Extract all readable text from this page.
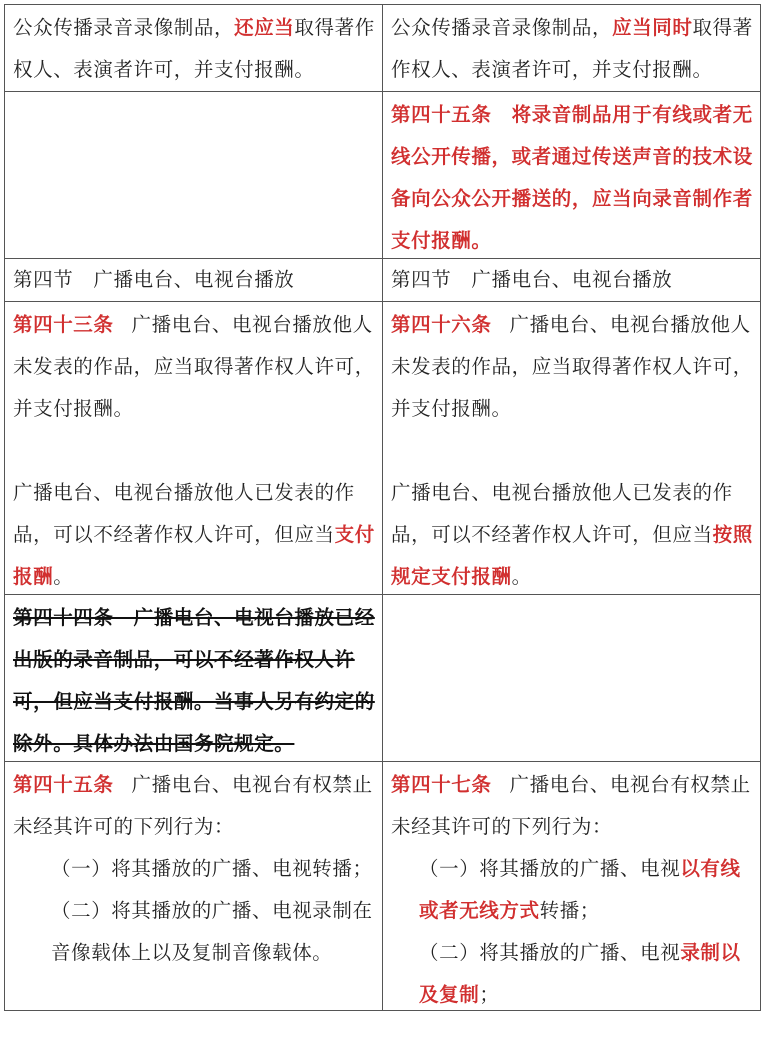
公众传播录音录像制品，还应当取得著作权人、表演者许可，并支付报酬。

公众传播录音录像制品，应当同时取得著作权人、表演者许可，并支付报酬。

第四十五条　将录音制品用于有线或者无线公开传播，或者通过传送声音的技术设备向公众公开播送的，应当向录音制作者支付报酬。

第四节　广播电台、电视台播放	第四节　广播电台、电视台播放

第四十三条 广播电台、电视台播放他人未发表的作品，应当取得著作权人许可，并支付报酬。

广播电台、电视台播放他人已发表的作品，可以不经著作权人许可，但应当支付报酬。

第四十六条 广播电台、电视台播放他人未发表的作品，应当取得著作权人许可，并支付报酬。

广播电台、电视台播放他人已发表的作品，可以不经著作权人许可，但应当按照规定支付报酬。

第四十四条　广播电台、电视台播放已经出版的录音制品，可以不经著作权人许可，但应当支付报酬。当事人另有约定的除外。具体办法由国务院规定。

第四十五条 广播电台、电视台有权禁止未经其许可的下列行为：

（一）将其播放的广播、电视转播；

（二）将其播放的广播、电视录制在音像载体上以及复制音像载体。

第四十七条 广播电台、电视台有权禁止未经其许可的下列行为：

（一）将其播放的广播、电视以有线或者无线方式转播；

（二）将其播放的广播、电视录制以及复制；
